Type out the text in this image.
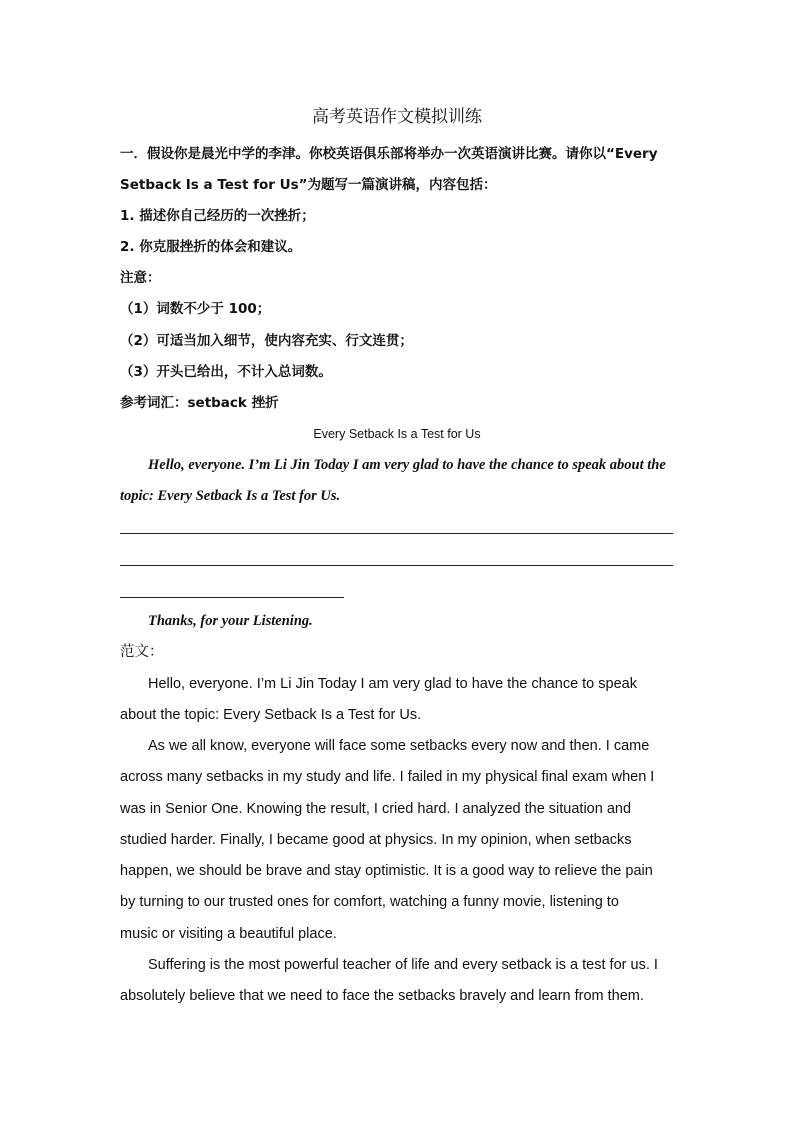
高考英语作文模拟训练
一．假设你是晨光中学的李津。你校英语俱乐部将举办一次英语演讲比赛。请你以“Every
Setback Is a Test for Us”为题写一篇演讲稿，内容包括：
1. 描述你自己经历的一次挫折；
2. 你克服挫折的体会和建议。
注意：
（1）词数不少于 100；
（2）可适当加入细节，使内容充实、行文连贯；
（3）开头已给出，不计入总词数。
参考词汇：setback 挫折
Every Setback Is a Test for Us
Hello, everyone. I’m Li Jin Today I am very glad to have the chance to speak about the
topic: Every Setback Is a Test for Us.
Thanks, for your Listening.
范文：
Hello, everyone. I’m Li Jin Today I am very glad to have the chance to speak
about the topic: Every Setback Is a Test for Us.
As we all know, everyone will face some setbacks every now and then. I came
across many setbacks in my study and life. I failed in my physical final exam when I
was in Senior One. Knowing the result, I cried hard. I analyzed the situation and
studied harder. Finally, I became good at physics. In my opinion, when setbacks
happen, we should be brave and stay optimistic. It is a good way to relieve the pain
by turning to our trusted ones for comfort, watching a funny movie, listening to
music or visiting a beautiful place.
Suffering is the most powerful teacher of life and every setback is a test for us. I
absolutely believe that we need to face the setbacks bravely and learn from them.
